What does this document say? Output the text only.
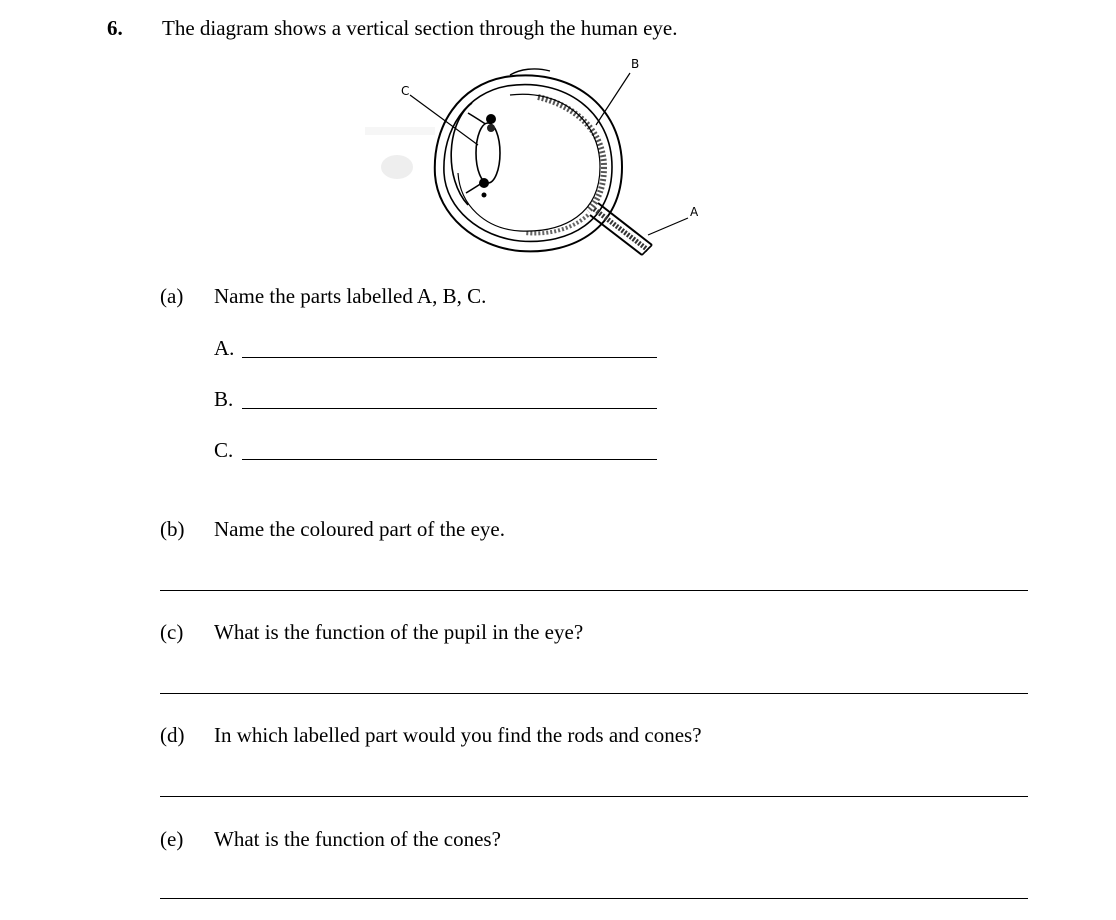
6. The diagram shows a vertical section through the human eye.
A
B
C
(a) Name the parts labelled A, B, C.
A.
B.
C.
(b) Name the coloured part of the eye.
(c) What is the function of the pupil in the eye?
(d) In which labelled part would you find the rods and cones?
(e) What is the function of the cones?
